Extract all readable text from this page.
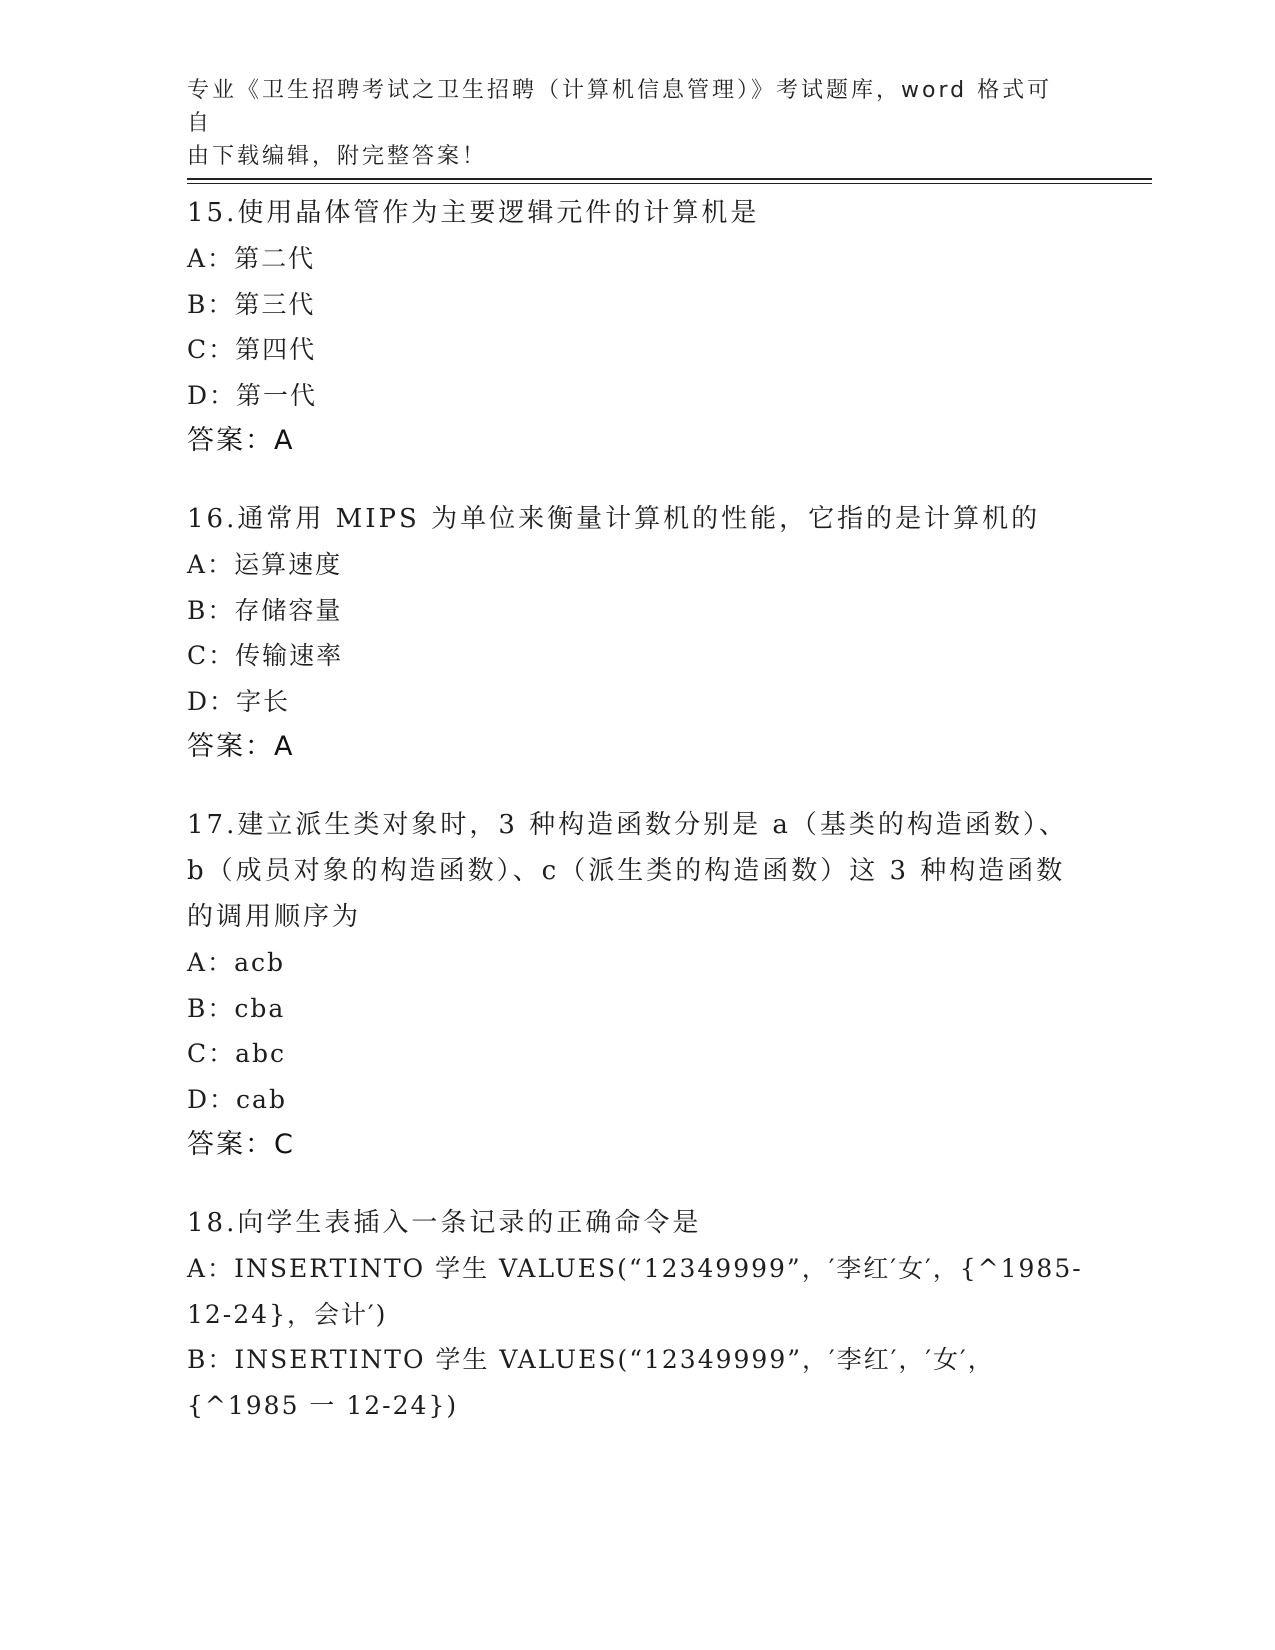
专业《卫生招聘考试之卫生招聘（计算机信息管理）》考试题库，word 格式可自
由下载编辑，附完整答案！
15.使用晶体管作为主要逻辑元件的计算机是
A：第二代
B：第三代
C：第四代
D：第一代
答案：A
16.通常用 MIPS 为单位来衡量计算机的性能，它指的是计算机的
A：运算速度
B：存储容量
C：传输速率
D：字长
答案：A
17.建立派生类对象时，3 种构造函数分别是 a（基类的构造函数）、b（成员对象的构造函数）、c（派生类的构造函数）这 3 种构造函数的调用顺序为
A：acb
B：cba
C：abc
D：cab
答案：C
18.向学生表插入一条记录的正确命令是
A：INSERTINTO 学生 VALUES(“12349999”，′李红′女′，{^1985-12-24}，会计′)
B：INSERTINTO 学生 VALUES(“12349999”，′李红′，′女′，{^1985 一 12-24})
